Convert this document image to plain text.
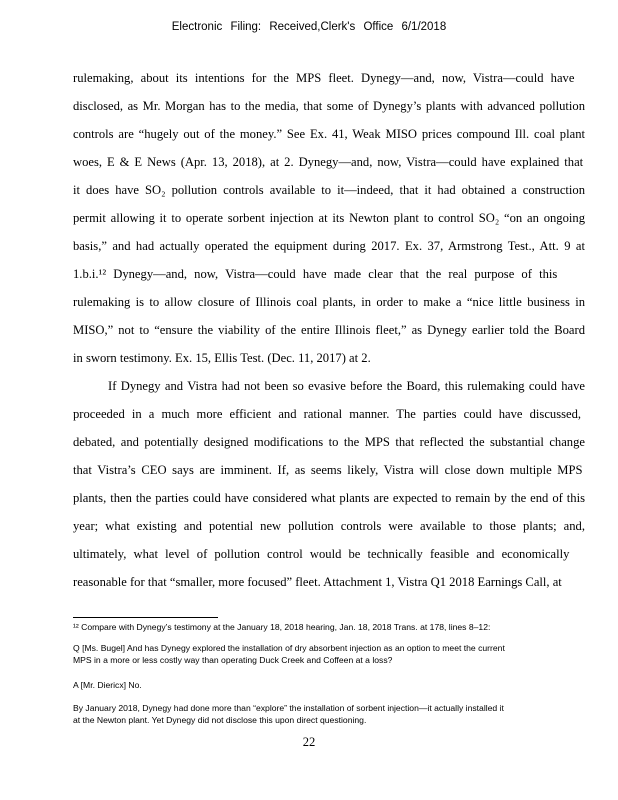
Electronic Filing: Received,Clerk's Office 6/1/2018
rulemaking, about its intentions for the MPS fleet. Dynegy—and, now, Vistra—could have
disclosed, as Mr. Morgan has to the media, that some of Dynegy’s plants with advanced pollution
controls are “hugely out of the money.” See Ex. 41, Weak MISO prices compound Ill. coal plant
woes, E & E News (Apr. 13, 2018), at 2. Dynegy—and, now, Vistra—could have explained that
it does have SO₂ pollution controls available to it—indeed, that it had obtained a construction
permit allowing it to operate sorbent injection at its Newton plant to control SO₂ “on an ongoing
basis,” and had actually operated the equipment during 2017. Ex. 37, Armstrong Test., Att. 9 at
1.b.i.¹² Dynegy—and, now, Vistra—could have made clear that the real purpose of this
rulemaking is to allow closure of Illinois coal plants, in order to make a “nice little business in
MISO,” not to “ensure the viability of the entire Illinois fleet,” as Dynegy earlier told the Board
in sworn testimony. Ex. 15, Ellis Test. (Dec. 11, 2017) at 2.
If Dynegy and Vistra had not been so evasive before the Board, this rulemaking could have
proceeded in a much more efficient and rational manner. The parties could have discussed,
debated, and potentially designed modifications to the MPS that reflected the substantial change
that Vistra’s CEO says are imminent. If, as seems likely, Vistra will close down multiple MPS
plants, then the parties could have considered what plants are expected to remain by the end of this
year; what existing and potential new pollution controls were available to those plants; and,
ultimately, what level of pollution control would be technically feasible and economically
reasonable for that “smaller, more focused” fleet. Attachment 1, Vistra Q1 2018 Earnings Call, at
¹² Compare with Dynegy’s testimony at the January 18, 2018 hearing, Jan. 18, 2018 Trans. at 178, lines 8–12:
Q [Ms. Bugel] And has Dynegy explored the installation of dry absorbent injection as an option to meet the current
MPS in a more or less costly way than operating Duck Creek and Coffeen at a loss?
A [Mr. Diericx] No.
By January 2018, Dynegy had done more than “explore” the installation of sorbent injection—it actually installed it
at the Newton plant. Yet Dynegy did not disclose this upon direct questioning.
22
